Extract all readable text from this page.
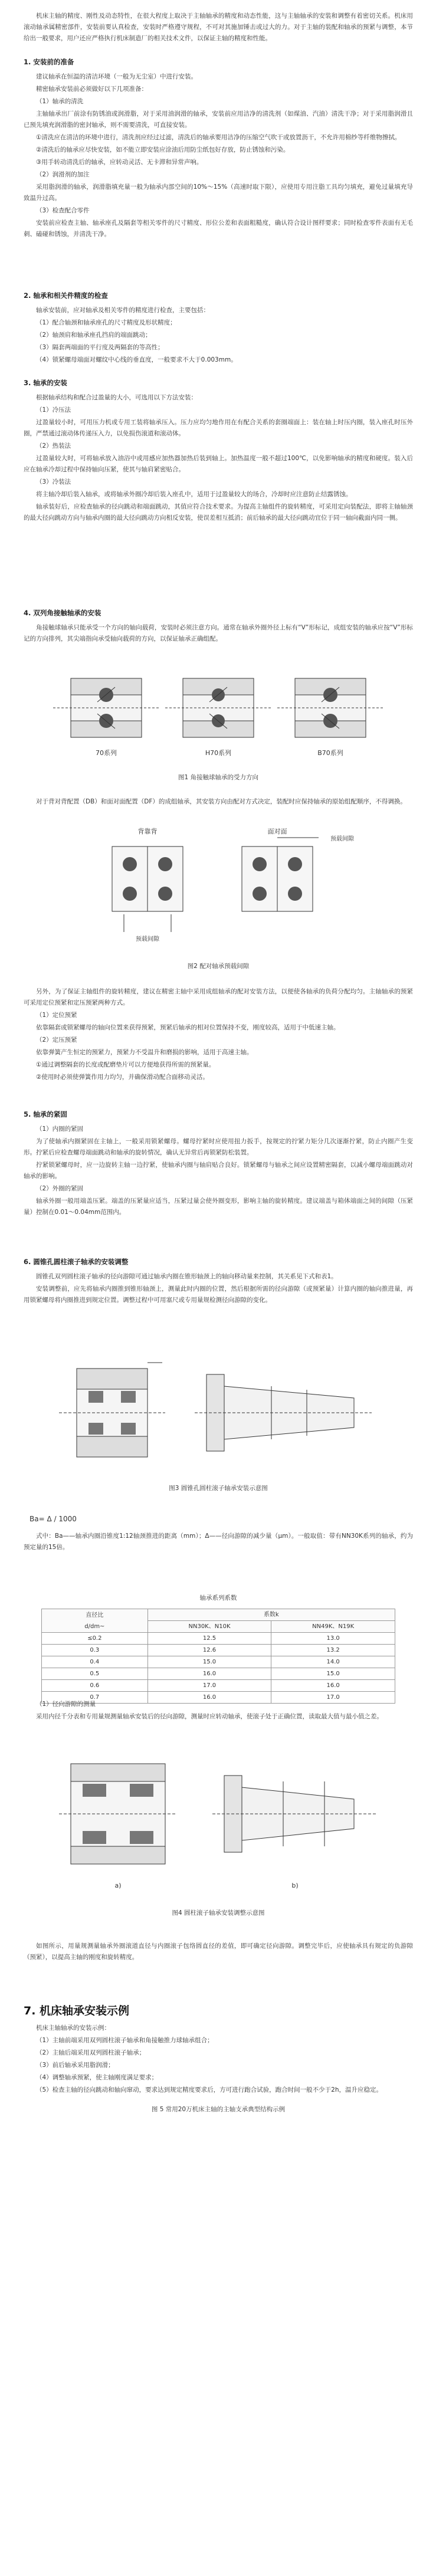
机床主轴的精度、刚性及动态特性，在很大程度上取决于主轴轴承的精度和动态性能，这与主轴轴承的安装和调整有着密切关系。机床用滚动轴承属精密部件，安装前要认真检查，安装时严格遵守规程，不可对其施加锤击或过大的力。对于主轴的装配和轴承的预紧与调整，本节给出一般要求，用户还应严格执行机床制造厂的相关技术文件，以保证主轴的精度和性能。

1. 安装前的准备

建议轴承在恒温的清洁环境（一般为无尘室）中进行安装。

精密轴承安装前必须做好以下几项准备：

（1）轴承的清洗

主轴轴承出厂前涂有防锈油或润滑脂，对于采用油润滑的轴承，安装前应用洁净的清洗剂（如煤油、汽油）清洗干净；对于采用脂润滑且已预先填充润滑脂的密封轴承，则不需要清洗，可直接安装。

①清洗应在清洁的环境中进行，清洗剂应经过过滤，清洗后的轴承要用洁净的压缩空气吹干或放置沥干，不允许用棉纱等纤维物擦拭。

②清洗后的轴承应尽快安装，如不能立即安装应涂油后用防尘纸包好存放，防止锈蚀和污染。

③用手转动清洗后的轴承，应转动灵活、无卡滞和异常声响。

（2）润滑剂的加注

采用脂润滑的轴承，润滑脂填充量一般为轴承内部空间的10%～15%（高速时取下限），应使用专用注脂工具均匀填充，避免过量填充导致温升过高。

（3）检查配合零件

安装前应检查主轴、轴承座孔及隔套等相关零件的尺寸精度、形位公差和表面粗糙度，确认符合设计图样要求；同时检查零件表面有无毛刺、磕碰和锈蚀，并清洗干净。

2. 轴承和相关件精度的检查

轴承安装前，应对轴承及相关零件的精度进行检查，主要包括：

（1）配合轴颈和轴承座孔的尺寸精度及形状精度；

（2）轴颈肩和轴承座孔挡肩的端面跳动；

（3）隔套两端面的平行度及两隔套的等高性；

（4）锁紧螺母端面对螺纹中心线的垂直度，一般要求不大于0.003mm。

3. 轴承的安装

根据轴承结构和配合过盈量的大小，可选用以下方法安装：

（1）冷压法

过盈量较小时，可用压力机或专用工装将轴承压入。压力应均匀地作用在有配合关系的套圈端面上：装在轴上时压内圈，装入座孔时压外圈，严禁通过滚动体传递压入力，以免损伤滚道和滚动体。

（2）热装法

过盈量较大时，可将轴承放入油浴中或用感应加热器加热后装到轴上。加热温度一般不超过100℃，以免影响轴承的精度和硬度。装入后应在轴承冷却过程中保持轴向压紧，使其与轴肩紧密贴合。

（3）冷装法

将主轴冷却后装入轴承，或将轴承外圈冷却后装入座孔中，适用于过盈量较大的场合，冷却时应注意防止结露锈蚀。

轴承装好后，应检查轴承的径向跳动和端面跳动，其值应符合技术要求。为提高主轴组件的旋转精度，可采用定向装配法，即将主轴轴颈的最大径向跳动方向与轴承内圈的最大径向跳动方向相反安装，使误差相互抵消；前后轴承的最大径向跳动宜位于同一轴向截面内同一侧。

4. 双列角接触轴承的安装

角接触球轴承只能承受一个方向的轴向载荷，安装时必须注意方向。通常在轴承外圈外径上标有“V”形标记，成组安装的轴承应按“V”形标记的方向排列，其尖端指向承受轴向载荷的方向，以保证轴承正确组配。

70系列	H70系列	B70系列
图1 角接触球轴承的受力方向

对于背对背配置（DB）和面对面配置（DF）的成组轴承，其安装方向由配对方式决定，装配时应保持轴承的原始组配顺序，不得调换。

背靠背	面对面
预载间隙
预载间隙
图2 配对轴承预载间隙

另外，为了保证主轴组件的旋转精度，建议在精密主轴中采用成组轴承的配对安装方法，以便使各轴承的负荷分配均匀。主轴轴承的预紧可采用定位预紧和定压预紧两种方式。

（1）定位预紧

依靠隔套或锁紧螺母的轴向位置来获得预紧，预紧后轴承的相对位置保持不变，刚度较高，适用于中低速主轴。

（2）定压预紧

依靠弹簧产生恒定的预紧力，预紧力不受温升和磨损的影响，适用于高速主轴。

①通过调整隔套的长度或配磨垫片可以方便地获得所需的预紧量。

②使用时必须使弹簧作用力均匀，并确保滑动配合面移动灵活。

5. 轴承的紧固

（1）内圈的紧固

为了使轴承内圈紧固在主轴上，一般采用锁紧螺母。螺母拧紧时应使用扭力扳手，按规定的拧紧力矩分几次逐渐拧紧，防止内圈产生变形。拧紧后应检查螺母端面跳动和轴承的旋转情况，确认无异常后再锁紧防松装置。

拧紧锁紧螺母时，应一边旋转主轴一边拧紧，使轴承内圈与轴肩贴合良好。锁紧螺母与轴承之间应设置精密隔套，以减小螺母端面跳动对轴承的影响。

（2）外圈的紧固

轴承外圈一般用端盖压紧。端盖的压紧量应适当，压紧过量会使外圈变形，影响主轴的旋转精度。建议端盖与箱体端面之间的间隙（压紧量）控制在0.01～0.04mm范围内。

6. 圆锥孔圆柱滚子轴承的安装调整

圆锥孔双列圆柱滚子轴承的径向游隙可通过轴承内圈在锥形轴颈上的轴向移动量来控制，其关系见下式和表1。

安装调整前，应先将轴承内圈推到锥形轴颈上，测量此时内圈的位置，然后根据所需的径向游隙（或预紧量）计算内圈的轴向推进量，再用锁紧螺母将内圈推进到规定位置。调整过程中可用塞尺或专用量规检测径向游隙的变化。

图3 圆锥孔圆柱滚子轴承安装示意图

Ba= Δ / 1000

式中：Ba——轴承内圈沿锥度1:12轴颈推进的距离（mm）；Δ——径向游隙的减少量（μm）。一般取值：带有NN30K系列的轴承，约为预定量的15倍。

轴承系列系数
直径比
d/dm~	系数k	
	NN30K、N10K	NN49K、N19K
≤0.2	12.5	13.0
0.3	12.6	13.2
0.4	15.0	14.0
0.5	16.0	15.0
0.6	17.0	16.0
0.7	16.0	17.0

（1）径向游隙的测量

采用内径千分表和专用量规测量轴承安装后的径向游隙，测量时应转动轴承，使滚子处于正确位置，读取最大值与最小值之差。

a)	b)
图4 圆柱滚子轴承安装调整示意图

如图所示，用量规测量轴承外圈滚道直径与内圈滚子包络圆直径的差值，即可确定径向游隙。调整完毕后，应使轴承具有规定的负游隙（预紧），以提高主轴的刚度和旋转精度。

7. 机床轴承安装示例

机床主轴轴承的安装示例：

（1）主轴前端采用双列圆柱滚子轴承和角接触推力球轴承组合；

（2）主轴后端采用双列圆柱滚子轴承；

（3）前后轴承采用脂润滑；

（4）调整轴承预紧，使主轴刚度满足要求；

（5）检查主轴的径向跳动和轴向窜动，要求达到规定精度要求后，方可进行跑合试验，跑合时间一般不少于2h，温升应稳定。

图 5 常用20万机床主轴的主轴支承典型结构示例
